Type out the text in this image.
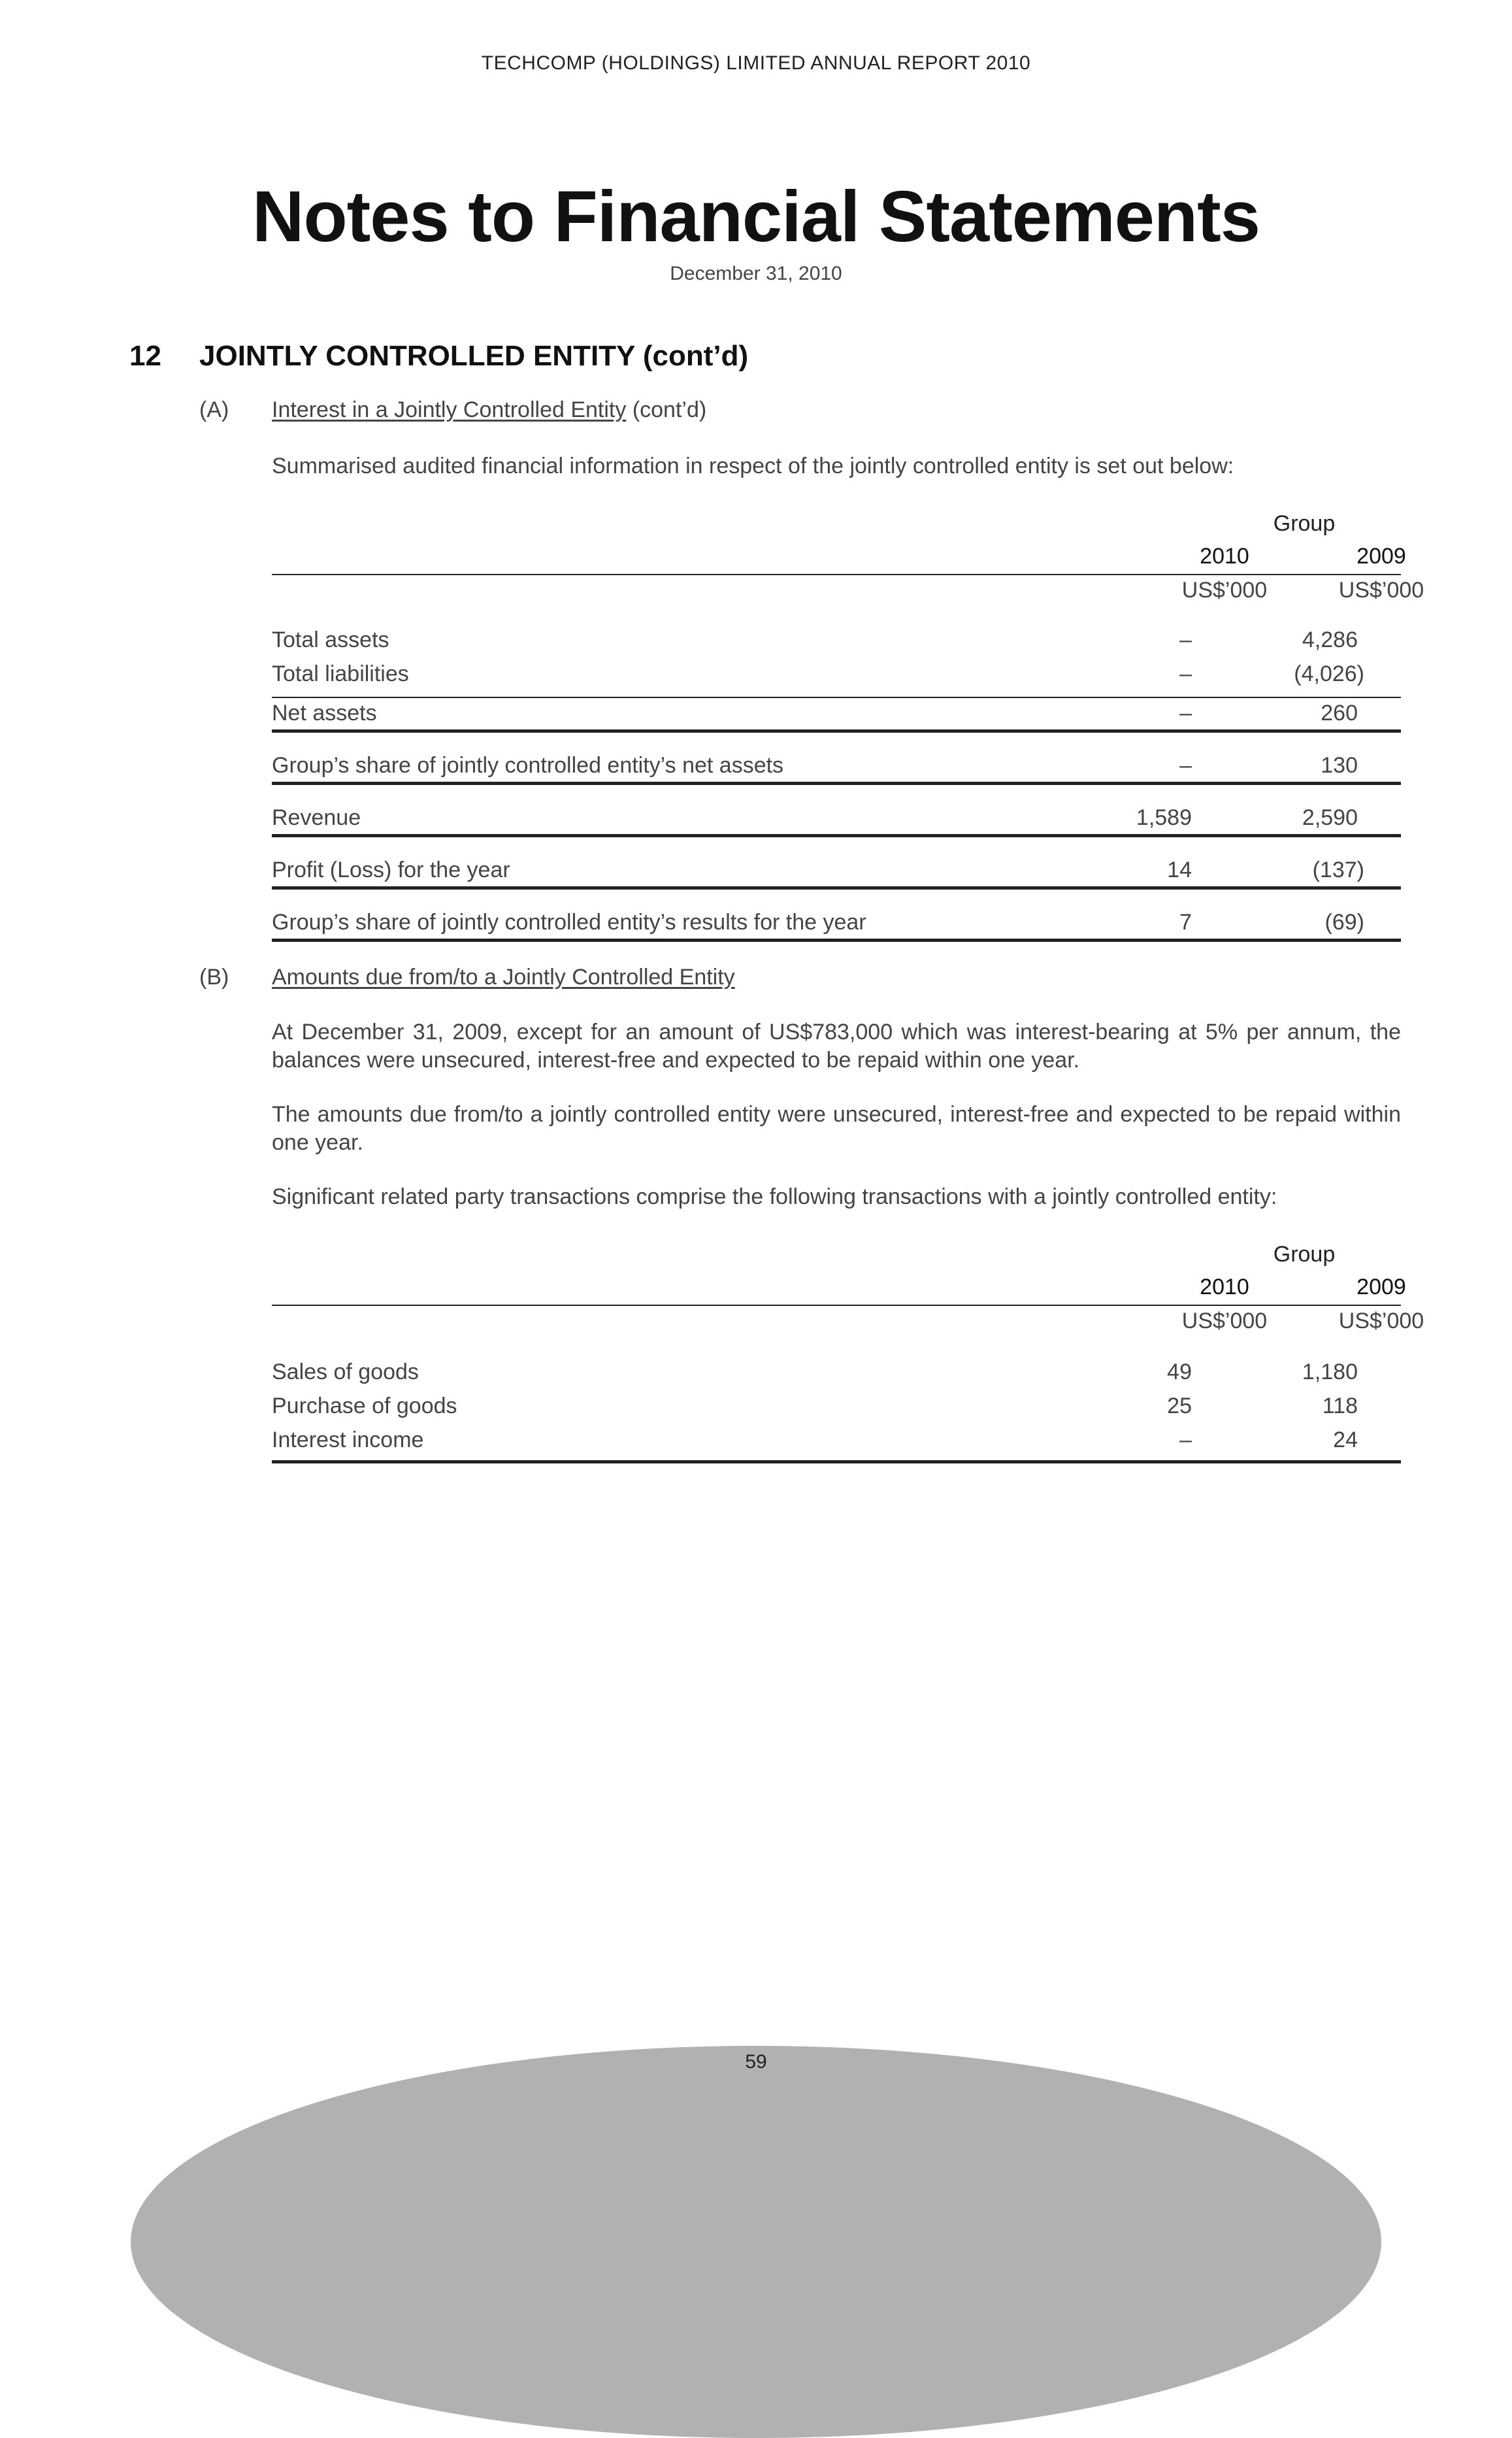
TECHCOMP (HOLDINGS) LIMITED ANNUAL REPORT 2010
Notes to Financial Statements
December 31, 2010
12 JOINTLY CONTROLLED ENTITY (cont’d)
(A) Interest in a Jointly Controlled Entity (cont’d)
Summarised audited financial information in respect of the jointly controlled entity is set out below:
Group
2010	2009
US$’000	US$’000
Total assets	–	4,286
Total liabilities	–	(4,026)
Net assets	–	260
Group’s share of jointly controlled entity’s net assets	–	130
Revenue	1,589	2,590
Profit (Loss) for the year	14	(137)
Group’s share of jointly controlled entity’s results for the year	7	(69)
(B) Amounts due from/to a Jointly Controlled Entity
At December 31, 2009, except for an amount of US$783,000 which was interest-bearing at 5% per annum, the balances were unsecured, interest-free and expected to be repaid within one year.
The amounts due from/to a jointly controlled entity were unsecured, interest-free and expected to be repaid within one year.
Significant related party transactions comprise the following transactions with a jointly controlled entity:
Group
2010	2009
US$’000	US$’000
Sales of goods	49	1,180
Purchase of goods	25	118
Interest income	–	24
59
